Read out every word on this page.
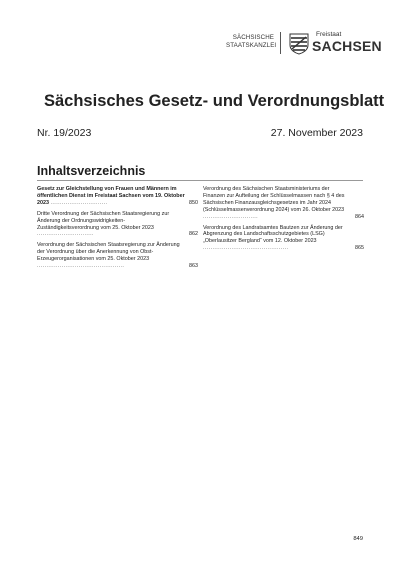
SÄCHSISCHE
STAATSKANZLEI
Freistaat
SACHSEN
Sächsisches Gesetz- und Verordnungsblatt
Nr. 19/2023	27. November 2023
Inhaltsverzeichnis
Gesetz zur Gleichstellung von Frauen und Männern im öffentlichen Dienst im Freistaat Sachsen vom 19. Oktober 2023 ..............................	850
Dritte Verordnung der Sächsischen Staatsregierung zur Änderung der Ordnungswidrigkeiten-Zuständigkeitsverordnung vom 25. Oktober 2023 ..............................	862
Verordnung der Sächsischen Staatsregierung zur Änderung der Verordnung über die Anerkennung von Obst-Erzeugerorganisationen vom 25. Oktober 2023 ..............................................	863
Verordnung des Sächsischen Staatsministeriums der Finanzen zur Aufteilung der Schlüsselmassen nach § 4 des Sächsischen Finanzausgleichsgesetzes im Jahr 2024 (Schlüsselmassenverordnung 2024) vom 26. Oktober 2023 .............................	864
Verordnung des Landratsamtes Bautzen zur Änderung der Abgrenzung des Landschaftsschutzgebietes (LSG) „Oberlausitzer Bergland“ vom 12. Oktober 2023 .............................................	865
849
